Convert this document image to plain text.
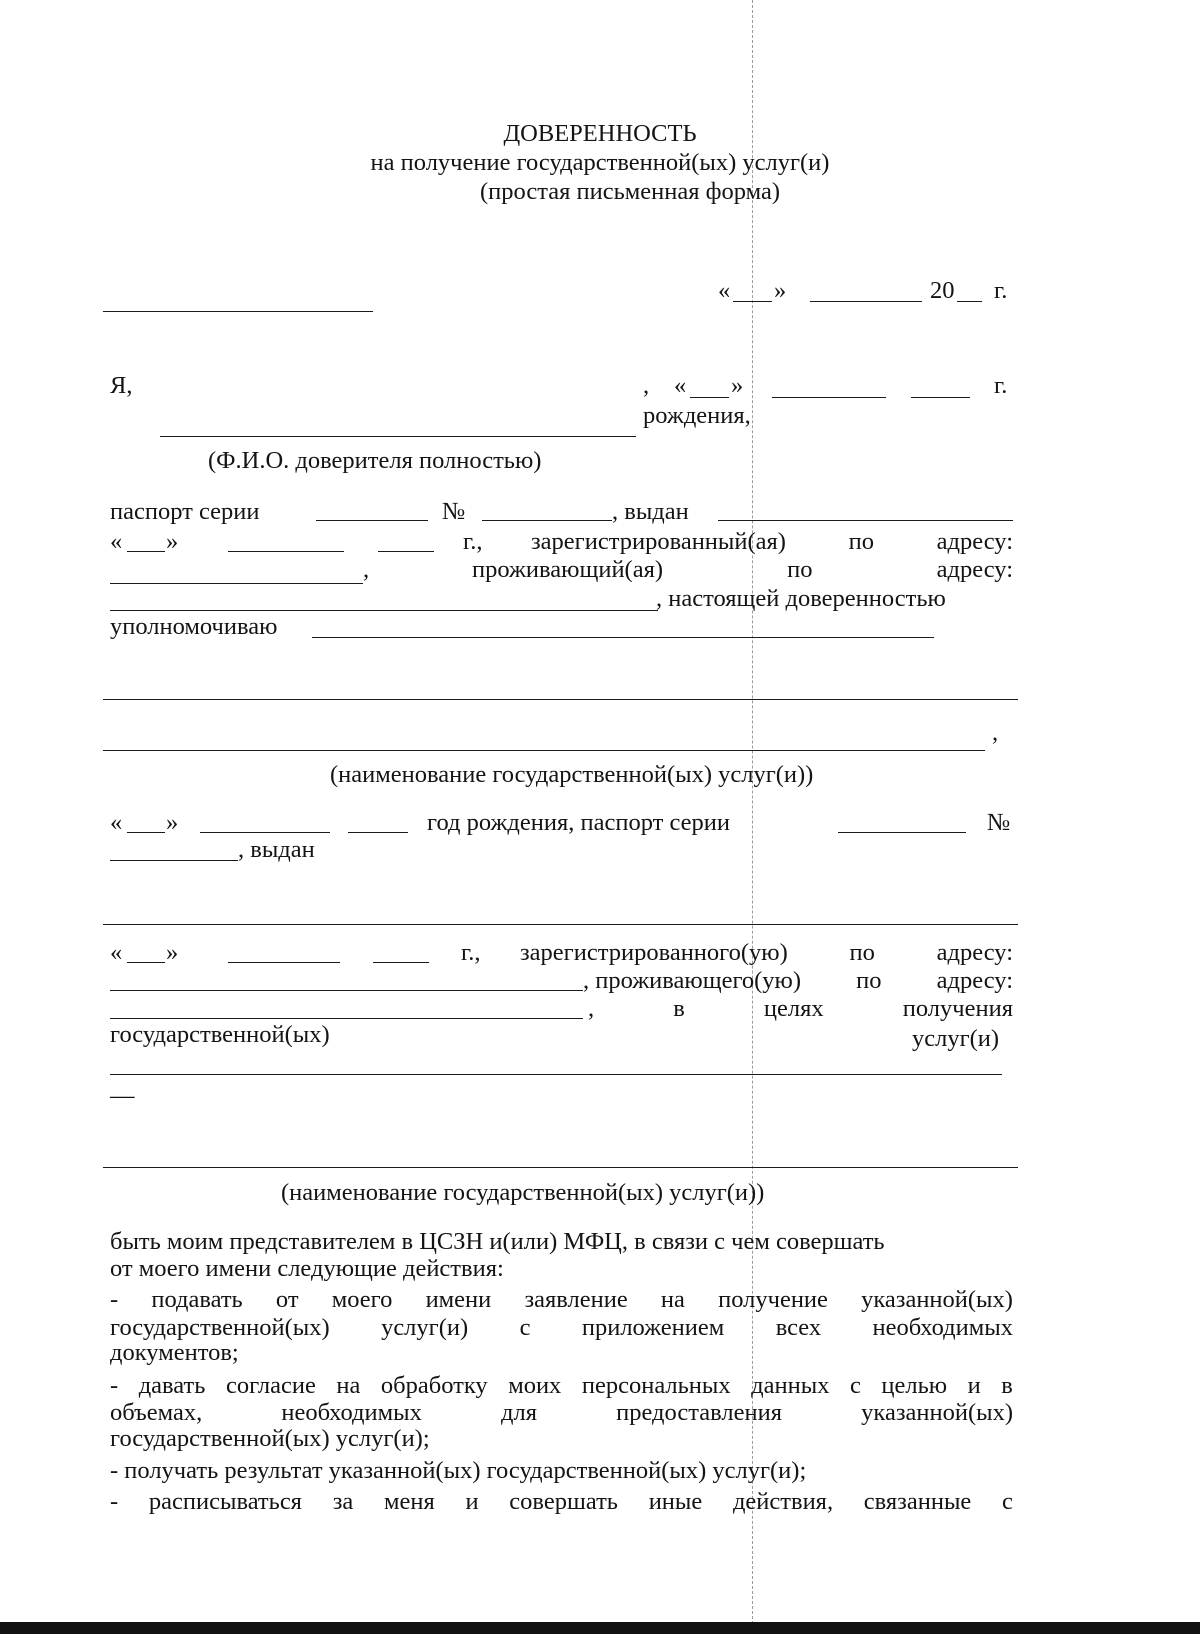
ДОВЕРЕННОСТЬ
на получение государственной(ых) услуг(и)
(простая письменная форма)
« »	20 г.
Я,	, « »	г.
рождения,
(Ф.И.О. доверителя полностью)
паспорт серии	№	, выдан
« »	г., зарегистрированный(ая)	по	адресу:
,	проживающий(ая)	по	адресу:
, настоящей доверенностью
уполномочиваю
,
(наименование государственной(ых) услуг(и))
« »	год рождения, паспорт серии	№
, выдан
« »	г., зарегистрированного(ую)	по	адресу:
, проживающего(ую) по адресу:
,	в	целях	получения
государственной(ых)	услуг(и)
—
(наименование государственной(ых) услуг(и))
быть моим представителем в ЦСЗН и(или) МФЦ, в связи с чем совершать
от моего имени следующие действия:
- подавать от моего имени заявление на получение указанной(ых)
государственной(ых) услуг(и) с приложением всех необходимых
документов;
- давать согласие на обработку моих персональных данных с целью и в
объемах,	необходимых	для	предоставления	указанной(ых)
государственной(ых) услуг(и);
- получать результат указанной(ых) государственной(ых) услуг(и);
- расписываться за меня и совершать иные действия, связанные с
